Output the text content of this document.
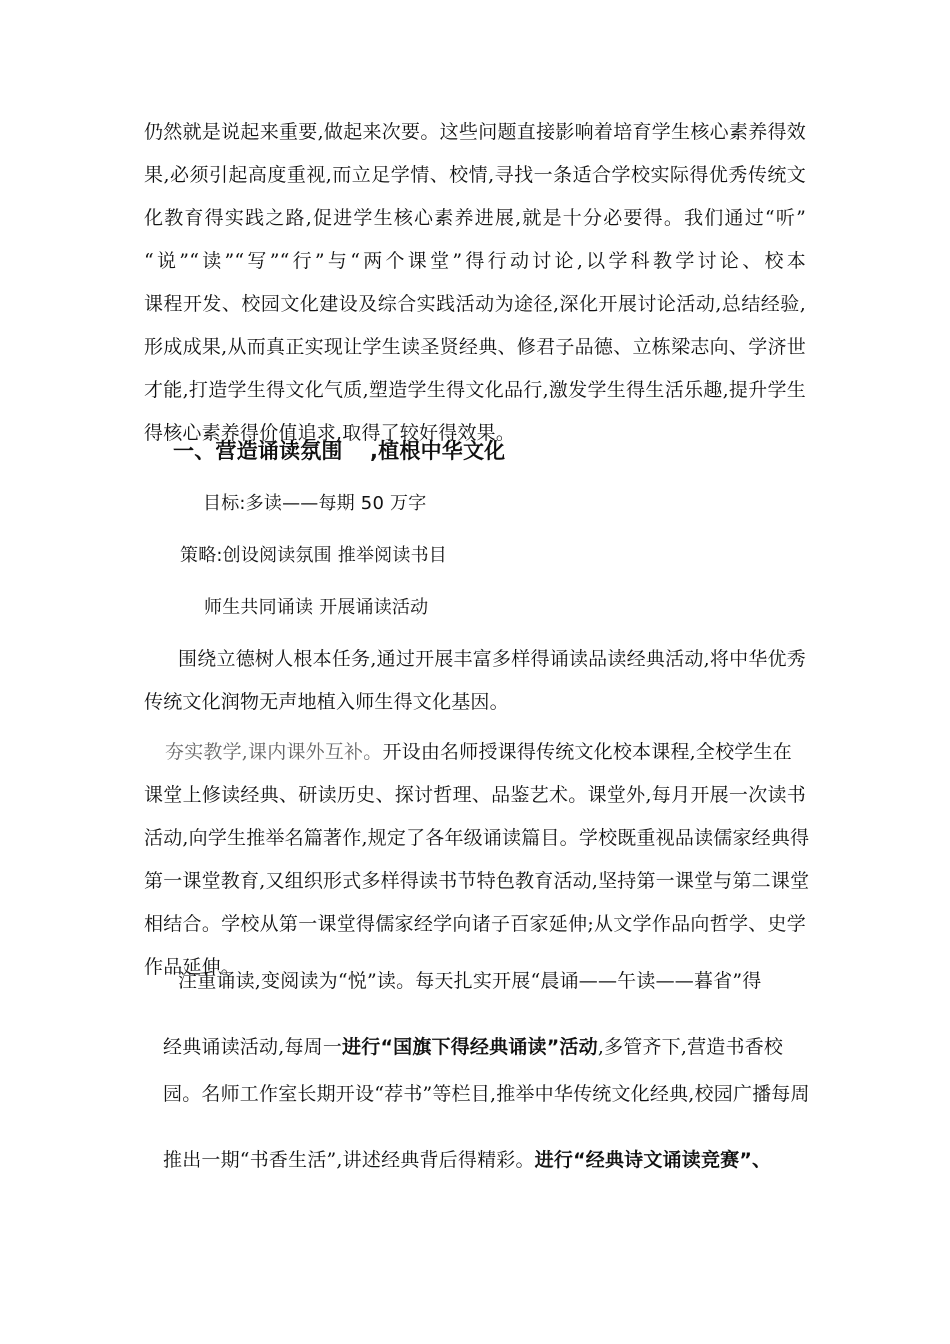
仍然就是说起来重要,做起来次要。这些问题直接影响着培育学生核心素养得效
果,必须引起高度重视,而立足学情、校情,寻找一条适合学校实际得优秀传统文
化教育得实践之路,促进学生核心素养进展,就是十分必要得。我们通过“听”
“说”“读”“写”“行”与“两个课堂”得行动讨论,以学科教学讨论、校本
课程开发、校园文化建设及综合实践活动为途径,深化开展讨论活动,总结经验,
形成成果,从而真正实现让学生读圣贤经典、修君子品德、立栋梁志向、学济世
才能,打造学生得文化气质,塑造学生得文化品行,激发学生得生活乐趣,提升学生
得核心素养得价值追求,取得了较好得效果。
一、营造诵读氛围 ,植根中华文化
目标:多读——每期 50 万字
策略:创设阅读氛围 推举阅读书目
师生共同诵读 开展诵读活动
围绕立德树人根本任务,通过开展丰富多样得诵读品读经典活动,将中华优秀
传统文化润物无声地植入师生得文化基因。
夯实教学,课内课外互补。开设由名师授课得传统文化校本课程,全校学生在
课堂上修读经典、研读历史、探讨哲理、品鉴艺术。课堂外,每月开展一次读书
活动,向学生推举名篇著作,规定了各年级诵读篇目。学校既重视品读儒家经典得
第一课堂教育,又组织形式多样得读书节特色教育活动,坚持第一课堂与第二课堂
相结合。学校从第一课堂得儒家经学向诸子百家延伸;从文学作品向哲学、史学
作品延伸。
注重诵读,变阅读为“悦”读。每天扎实开展“晨诵——午读——暮省”得
经典诵读活动,每周一进行“国旗下得经典诵读”活动,多管齐下,营造书香校
园。名师工作室长期开设“荐书”等栏目,推举中华传统文化经典,校园广播每周
推出一期“书香生活”,讲述经典背后得精彩。进行“经典诗文诵读竞赛”、
